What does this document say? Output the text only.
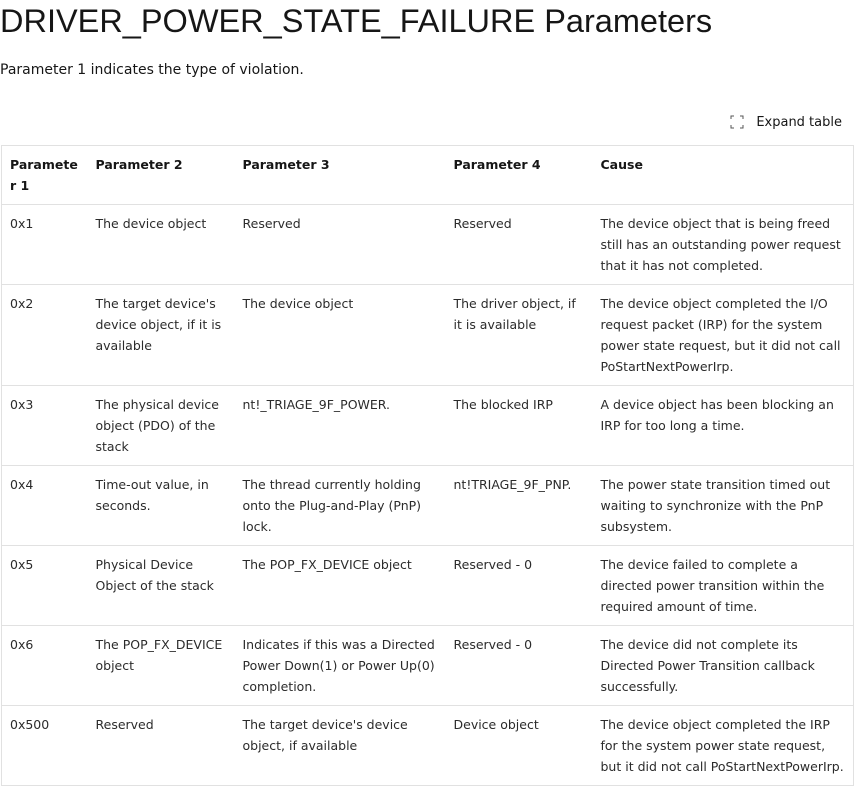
DRIVER_POWER_STATE_FAILURE Parameters

Parameter 1 indicates the type of violation.

Expand table
Parameter 1	Parameter 2	Parameter 3	Parameter 4	Cause
0x1	The device object	Reserved	Reserved	The device object that is being freed still has an outstanding power request that it has not completed.
0x2	The target device's device object, if it is available	The device object	The driver object, if it is available	The device object completed the I/O request packet (IRP) for the system power state request, but it did not call PoStartNextPowerIrp.
0x3	The physical device object (PDO) of the stack	nt!_TRIAGE_9F_POWER.	The blocked IRP	A device object has been blocking an IRP for too long a time.
0x4	Time-out value, in seconds.	The thread currently holding onto the Plug-and-Play (PnP) lock.	nt!TRIAGE_9F_PNP.	The power state transition timed out waiting to synchronize with the PnP subsystem.
0x5	Physical Device Object of the stack	The POP_FX_DEVICE object	Reserved - 0	The device failed to complete a directed power transition within the required amount of time.
0x6	The POP_FX_DEVICE object	Indicates if this was a Directed Power Down(1) or Power Up(0) completion.	Reserved - 0	The device did not complete its Directed Power Transition callback successfully.
0x500	Reserved	The target device's device object, if available	Device object	The device object completed the IRP for the system power state request, but it did not call PoStartNextPowerIrp.
